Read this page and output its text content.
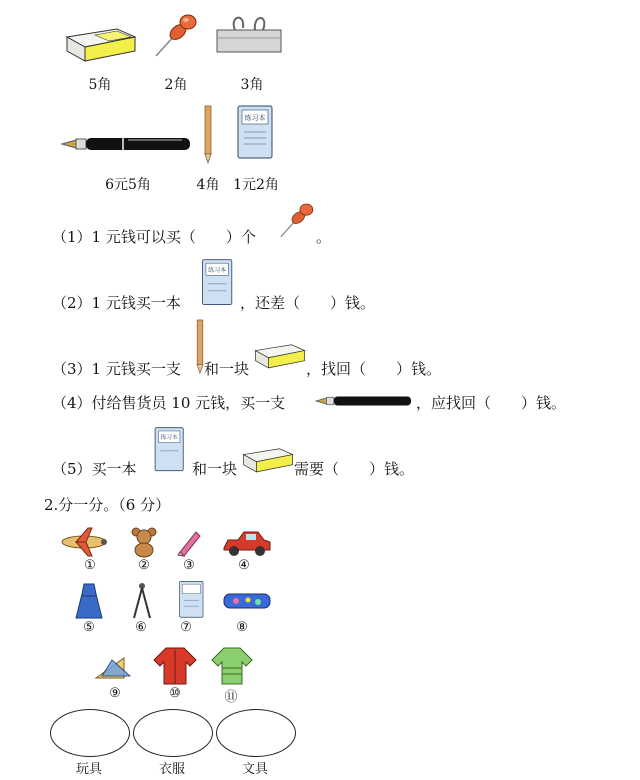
5角	2角	3角
6元5角	4角
练习本
1元2角
（1）1 元钱可以买（　　）个	。
（2）1 元钱买一本
练习本
，还差（　　）钱。
（3）1 元钱买一支 和一块	，找回（　　）钱。
（4）付给售货员 10 元钱，买一支	，应找回（　　）钱。
（5）买一本
练习本
和一块	需要（　　）钱。
2.分一分。（6 分）
①	②	③	④
⑤	⑥	⑦	⑧
⑨	⑩	⑪
玩具	衣服	文具
